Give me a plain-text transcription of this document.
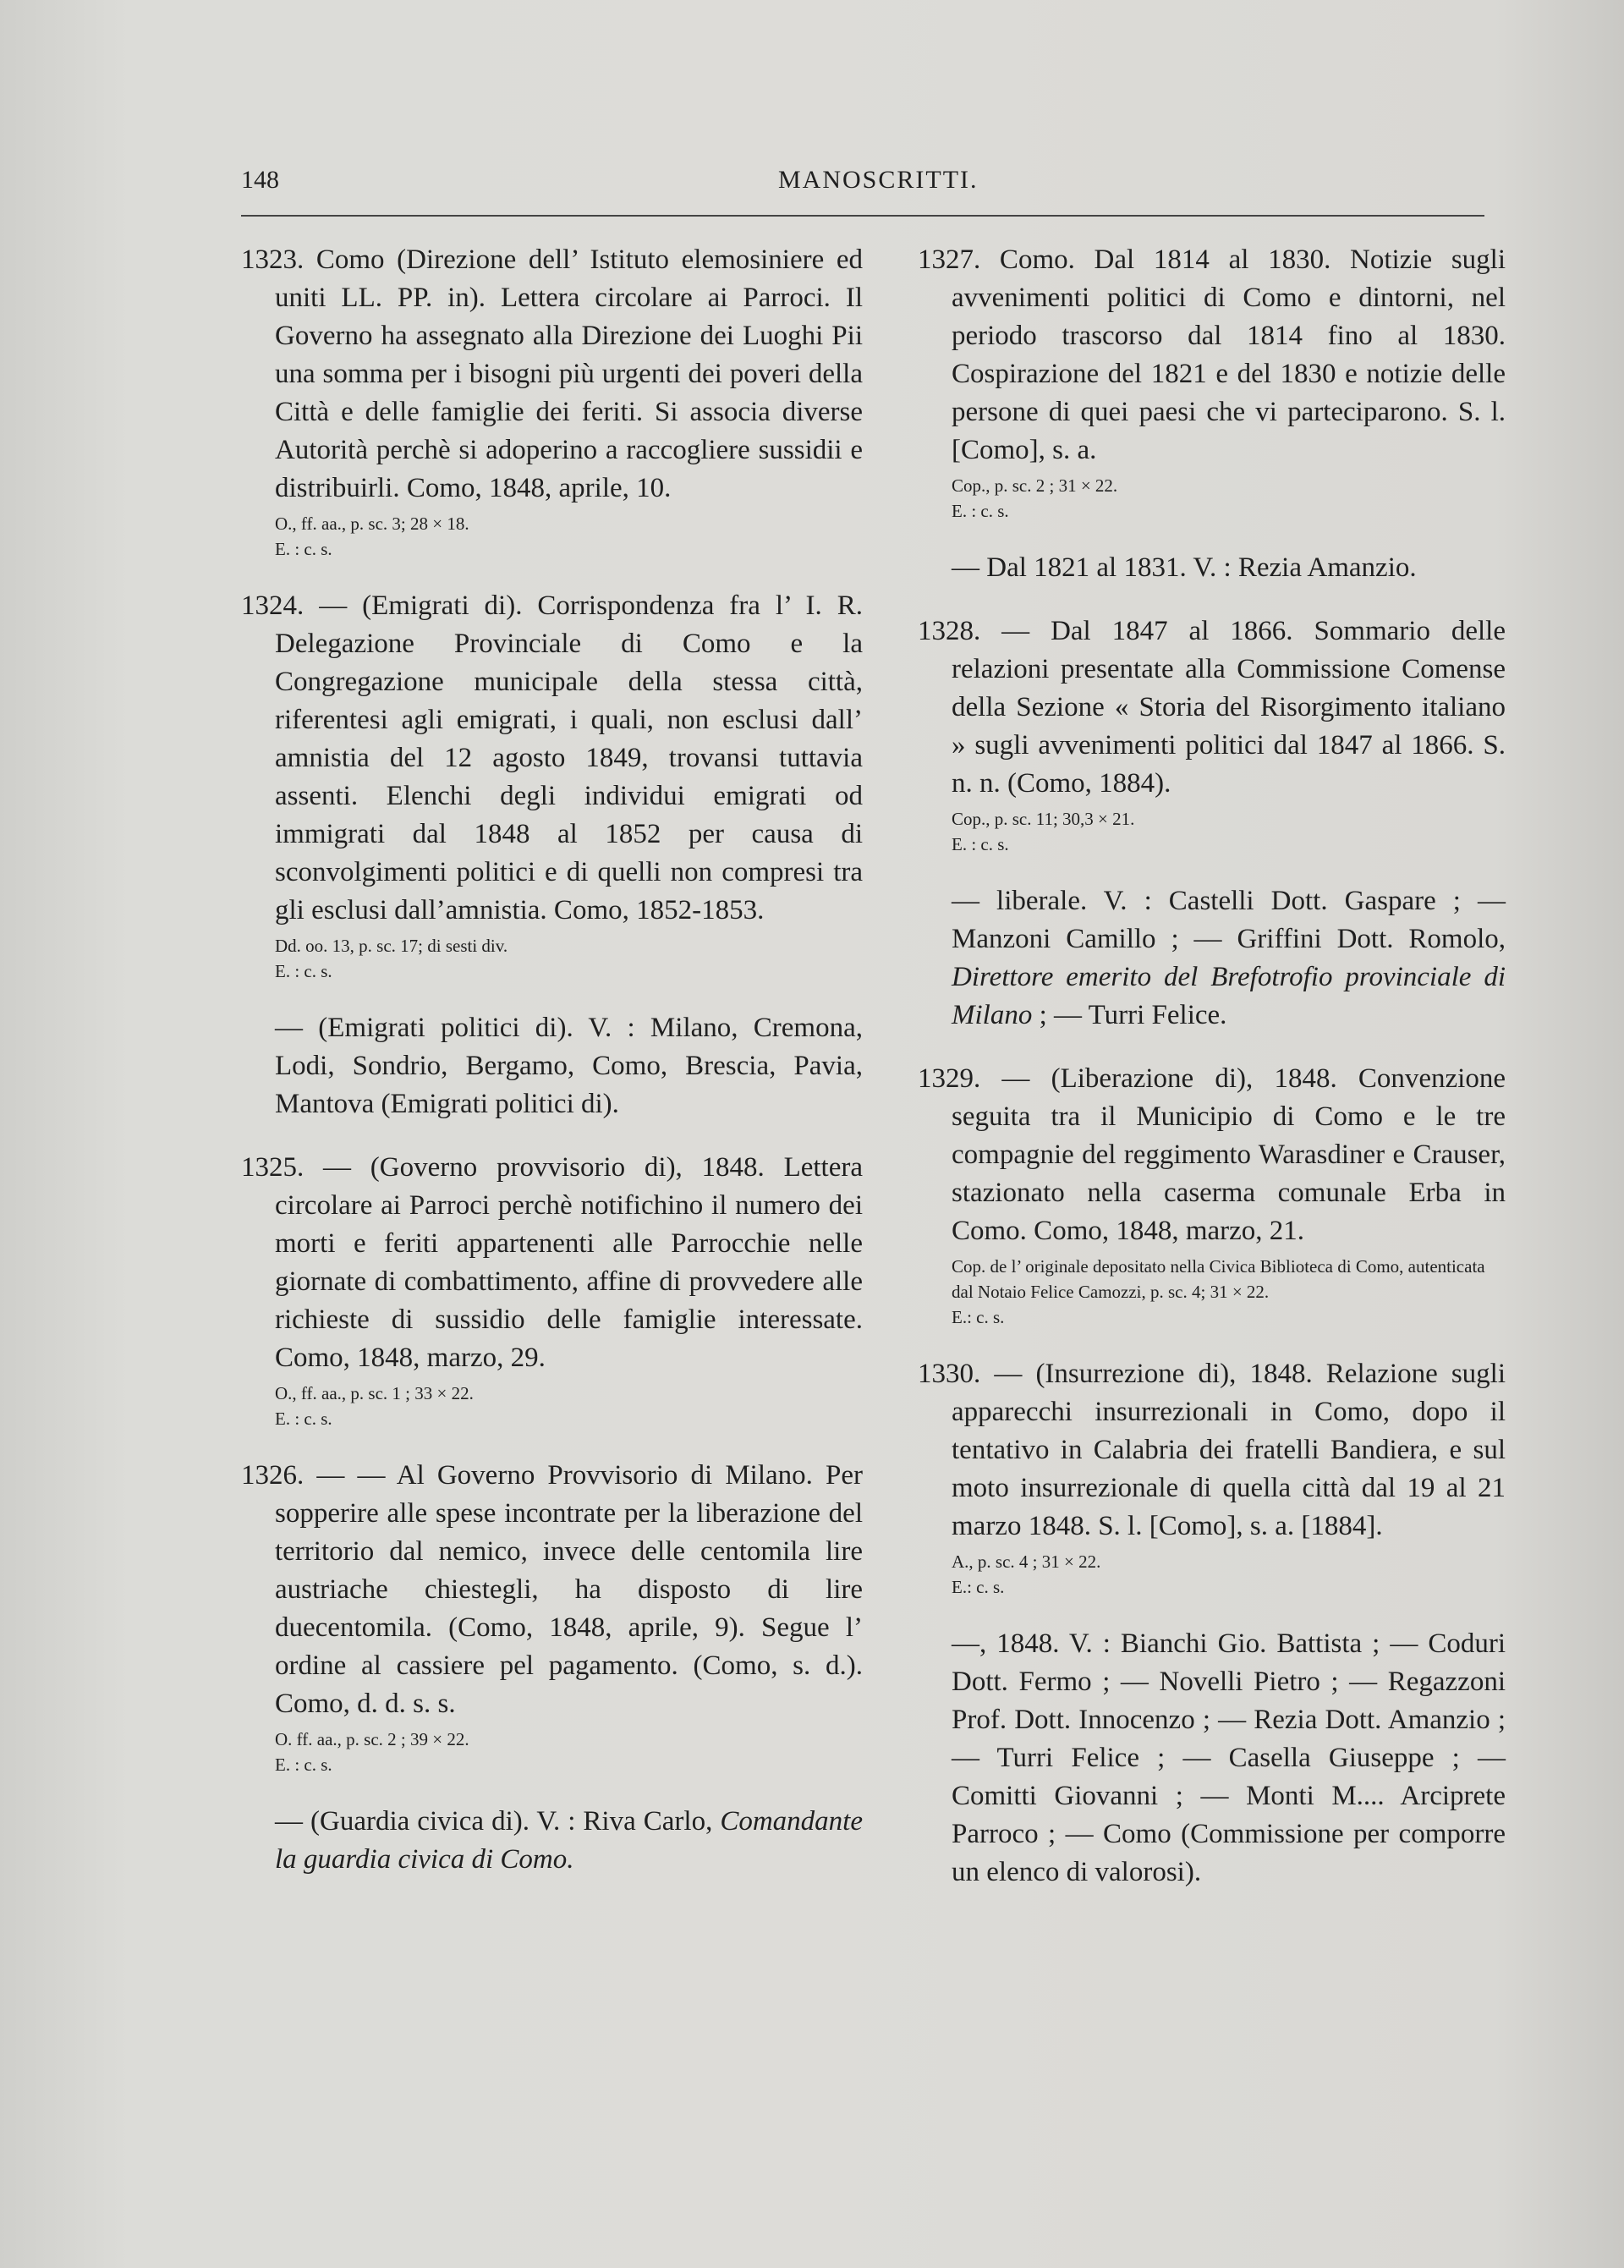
148	MANOSCRITTI.

1323. Como (Direzione dell’ Istituto elemosiniere ed uniti LL. PP. in). Lettera circolare ai Parroci. Il Governo ha assegnato alla Direzione dei Luoghi Pii una somma per i bisogni più urgenti dei poveri della Città e delle famiglie dei feriti. Si associa diverse Autorità perchè si adoperino a raccogliere sussidii e distribuirli. Como, 1848, aprile, 10.

O., ff. aa., p. sc. 3; 28 × 18.
E. : c. s.

1324. — (Emigrati di). Corrispondenza fra l’ I. R. Delegazione Provinciale di Como e la Congregazione municipale della stessa città, riferentesi agli emigrati, i quali, non esclusi dall’ amnistia del 12 agosto 1849, trovansi tuttavia assenti. Elenchi degli individui emigrati od immigrati dal 1848 al 1852 per causa di sconvolgimenti politici e di quelli non compresi tra gli esclusi dall’amnistia. Como, 1852-1853.

Dd. oo. 13, p. sc. 17; di sesti div.
E. : c. s.

— (Emigrati politici di). V. : Milano, Cremona, Lodi, Sondrio, Bergamo, Como, Brescia, Pavia, Mantova (Emigrati politici di).

1325. — (Governo provvisorio di), 1848. Lettera circolare ai Parroci perchè notifichino il numero dei morti e feriti appartenenti alle Parrocchie nelle giornate di combattimento, affine di provvedere alle richieste di sussidio delle famiglie interessate. Como, 1848, marzo, 29.

O., ff. aa., p. sc. 1 ; 33 × 22.
E. : c. s.

1326. — — Al Governo Provvisorio di Milano. Per sopperire alle spese incontrate per la liberazione del territorio dal nemico, invece delle centomila lire austriache chiestegli, ha disposto di lire duecentomila. (Como, 1848, aprile, 9). Segue l’ ordine al cassiere pel pagamento. (Como, s. d.). Como, d. d. s. s.

O. ff. aa., p. sc. 2 ; 39 × 22.
E. : c. s.

— (Guardia civica di). V. : Riva Carlo, Comandante la guardia civica di Como.

1327. Como. Dal 1814 al 1830. Notizie sugli avvenimenti politici di Como e dintorni, nel periodo trascorso dal 1814 fino al 1830. Cospirazione del 1821 e del 1830 e notizie delle persone di quei paesi che vi parteciparono. S. l. [Como], s. a.

Cop., p. sc. 2 ; 31 × 22.
E. : c. s.

— Dal 1821 al 1831. V. : Rezia Amanzio.

1328. — Dal 1847 al 1866. Sommario delle relazioni presentate alla Commissione Comense della Sezione « Storia del Risorgimento italiano » sugli avvenimenti politici dal 1847 al 1866. S. n. n. (Como, 1884).

Cop., p. sc. 11; 30,3 × 21.
E. : c. s.

— liberale. V. : Castelli Dott. Gaspare ; — Manzoni Camillo ; — Griffini Dott. Romolo, Direttore emerito del Brefotrofio provinciale di Milano ; — Turri Felice.

1329. — (Liberazione di), 1848. Convenzione seguita tra il Municipio di Como e le tre compagnie del reggimento Warasdiner e Crauser, stazionato nella caserma comunale Erba in Como. Como, 1848, marzo, 21.

Cop. de l’ originale depositato nella Civica Biblioteca di Como, autenticata dal Notaio Felice Camozzi, p. sc. 4; 31 × 22.
E.: c. s.

1330. — (Insurrezione di), 1848. Relazione sugli apparecchi insurrezionali in Como, dopo il tentativo in Calabria dei fratelli Bandiera, e sul moto insurrezionale di quella città dal 19 al 21 marzo 1848. S. l. [Como], s. a. [1884].

A., p. sc. 4 ; 31 × 22.
E.: c. s.

—, 1848. V. : Bianchi Gio. Battista ; — Coduri Dott. Fermo ; — Novelli Pietro ; — Regazzoni Prof. Dott. Innocenzo ; — Rezia Dott. Amanzio ; — Turri Felice ; — Casella Giuseppe ; — Comitti Giovanni ; — Monti M.... Arciprete Parroco ; — Como (Commissione per comporre un elenco di valorosi).
